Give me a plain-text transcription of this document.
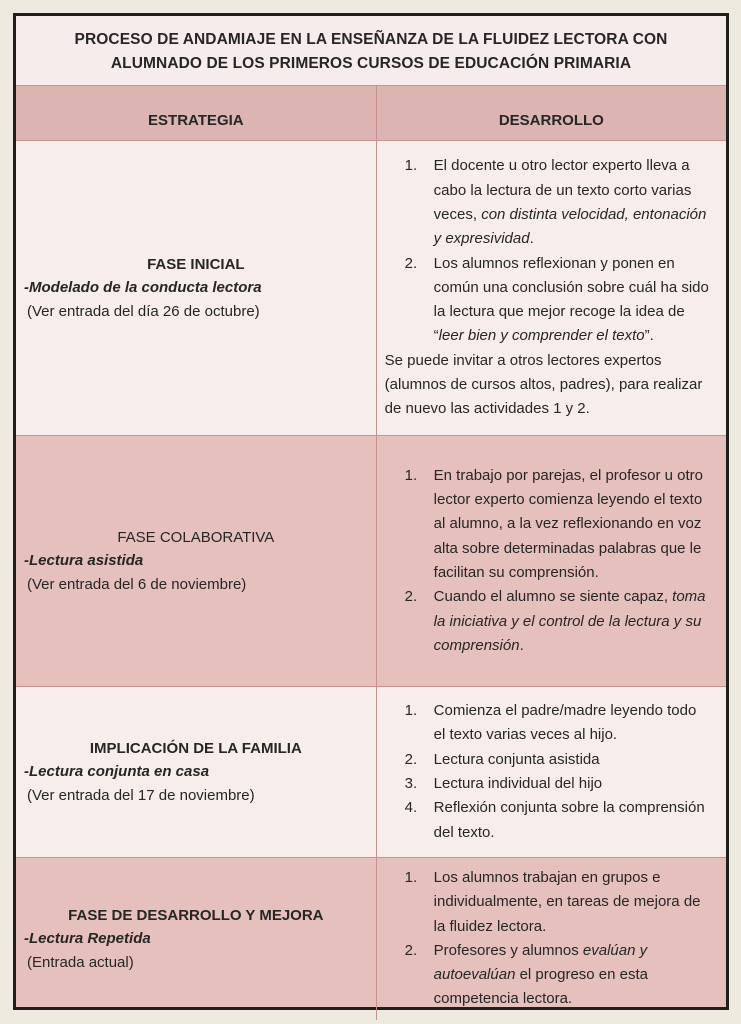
PROCESO DE ANDAMIAJE EN LA ENSEÑANZA DE LA FLUIDEZ LECTORA CON ALUMNADO DE LOS PRIMEROS CURSOS DE EDUCACIÓN PRIMARIA
ESTRATEGIA	DESARROLLO
FASE INICIAL
-Modelado de la conducta lectora
(Ver entrada del día 26 de octubre)
El docente u otro lector experto lleva a cabo la lectura de un texto corto varias veces, con distinta velocidad, entonación y expresividad.
Los alumnos reflexionan y ponen en común una conclusión sobre cuál ha sido la lectura que mejor recoge la idea de “leer bien y comprender el texto”.

Se puede invitar a otros lectores expertos (alumnos de cursos altos, padres), para realizar de nuevo las actividades 1 y 2.

FASE COLABORATIVA
-Lectura asistida
(Ver entrada del 6 de noviembre)
En trabajo por parejas, el profesor u otro lector experto comienza leyendo el texto al alumno, a la vez reflexionando en voz alta sobre determinadas palabras que le facilitan su comprensión.
Cuando el alumno se siente capaz, toma la iniciativa y el control de la lectura y su comprensión.
IMPLICACIÓN DE LA FAMILIA
-Lectura conjunta en casa
(Ver entrada del 17 de noviembre)
Comienza el padre/madre leyendo todo el texto varias veces al hijo.
Lectura conjunta asistida
Lectura individual del hijo
Reflexión conjunta sobre la comprensión del texto.
FASE DE DESARROLLO Y MEJORA
-Lectura Repetida
(Entrada actual)
Los alumnos trabajan en grupos e individualmente, en tareas de mejora de la fluidez lectora.
Profesores y alumnos evalúan y autoevalúan el progreso en esta competencia lectora.
